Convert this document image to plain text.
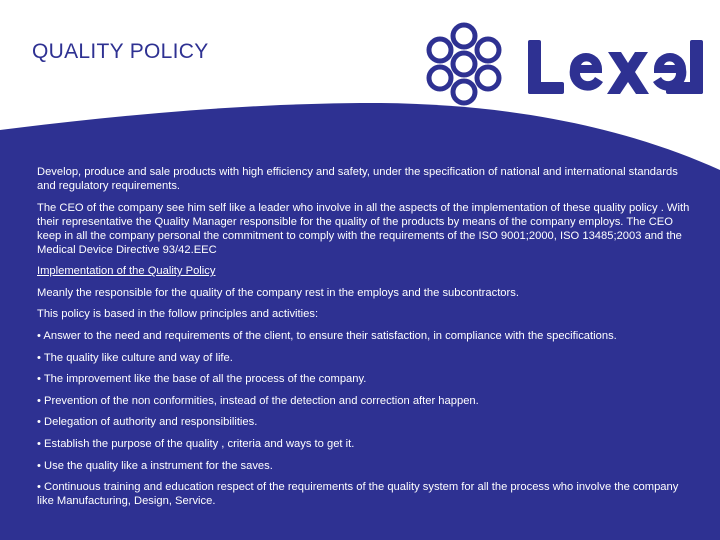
QUALITY POLICY

Develop, produce and sale products with high efficiency and safety, under the specification of national and international standards and regulatory requirements.

The CEO of the company see him self like a leader who involve in all the aspects of the implementation of these quality policy . With their representative the Quality Manager responsible for the quality of the products by means of the company employs. The CEO keep in all the company personal the commitment to comply with the requirements of the ISO 9001;2000, ISO 13485;2003 and the Medical Device Directive 93/42.EEC

Implementation of the Quality Policy

Meanly the responsible for the quality of the company rest in the employs and the subcontractors.

This policy is based in the follow principles and activities:

• Answer to the need and requirements of the client, to ensure their satisfaction, in compliance with the specifications.

• The quality like culture and way of life.

• The improvement like the base of all the process of the company.

• Prevention of the non conformities, instead of the detection and correction after happen.

• Delegation of authority and responsibilities.

• Establish the purpose of the quality , criteria and ways to get it.

• Use the quality like a instrument for the saves.

• Continuous training and education respect of the requirements of the quality system for all the process who involve the company like Manufacturing, Design, Service.
